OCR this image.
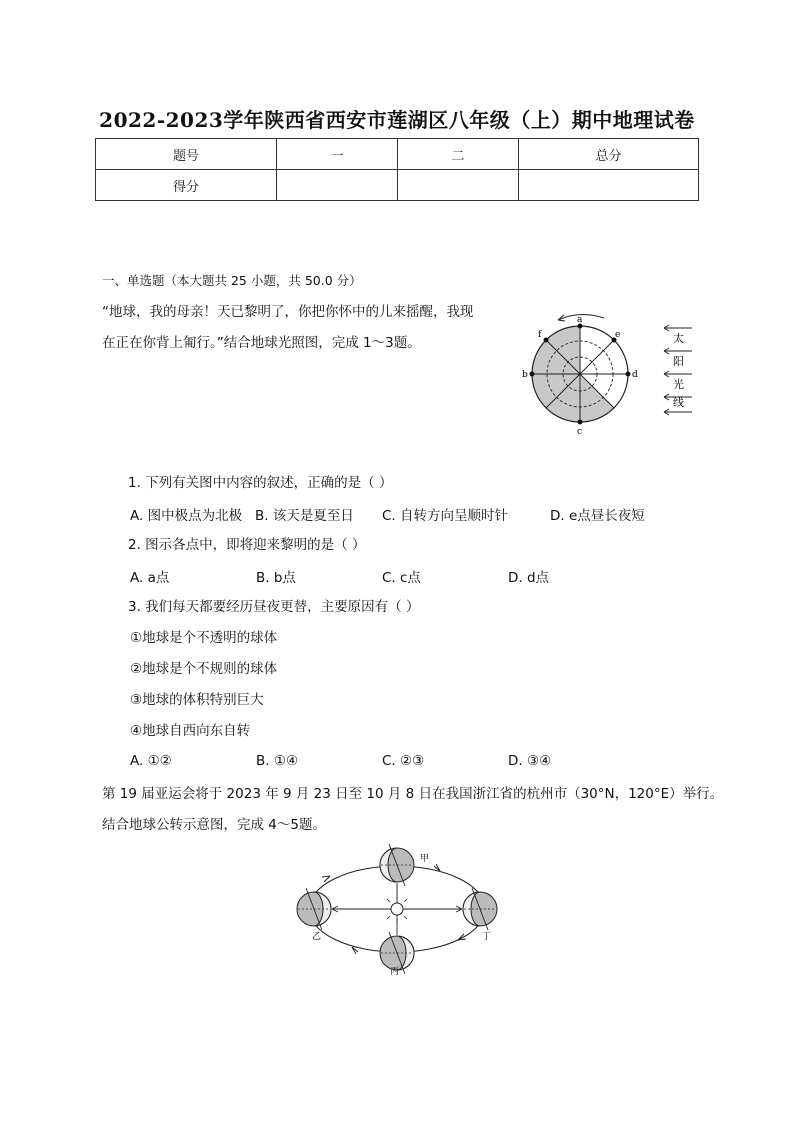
2022-2023学年陕西省西安市莲湖区八年级（上）期中地理试卷
题号	一	二	总分
得分			
一、单选题（本大题共 25 小题，共 50.0 分）
“地球，我的母亲！天已黎明了，你把你怀中的儿来摇醒，我现
在正在你背上匍行。”结合地球光照图，完成 1～3题。
a
b
c
d
e
f	太
阳
光
线
1. 下列有关图中内容的叙述，正确的是（ ）
A. 图中极点为北极 B. 该天是夏至日 C. 自转方向呈顺时针	D. e点昼长夜短
2. 图示各点中，即将迎来黎明的是（ ）
A. a点	B. b点	C. c点	D. d点
3. 我们每天都要经历昼夜更替，主要原因有（ ）
①地球是个不透明的球体
②地球是个不规则的球体
③地球的体积特别巨大
④地球自西向东自转
A. ①②	B. ①④	C. ②③	D. ③④
第 19 届亚运会将于 2023 年 9 月 23 日至 10 月 8 日在我国浙江省的杭州市（30°N，120°E）举行。
结合地球公转示意图，完成 4～5题。
甲
乙
丙
丁
